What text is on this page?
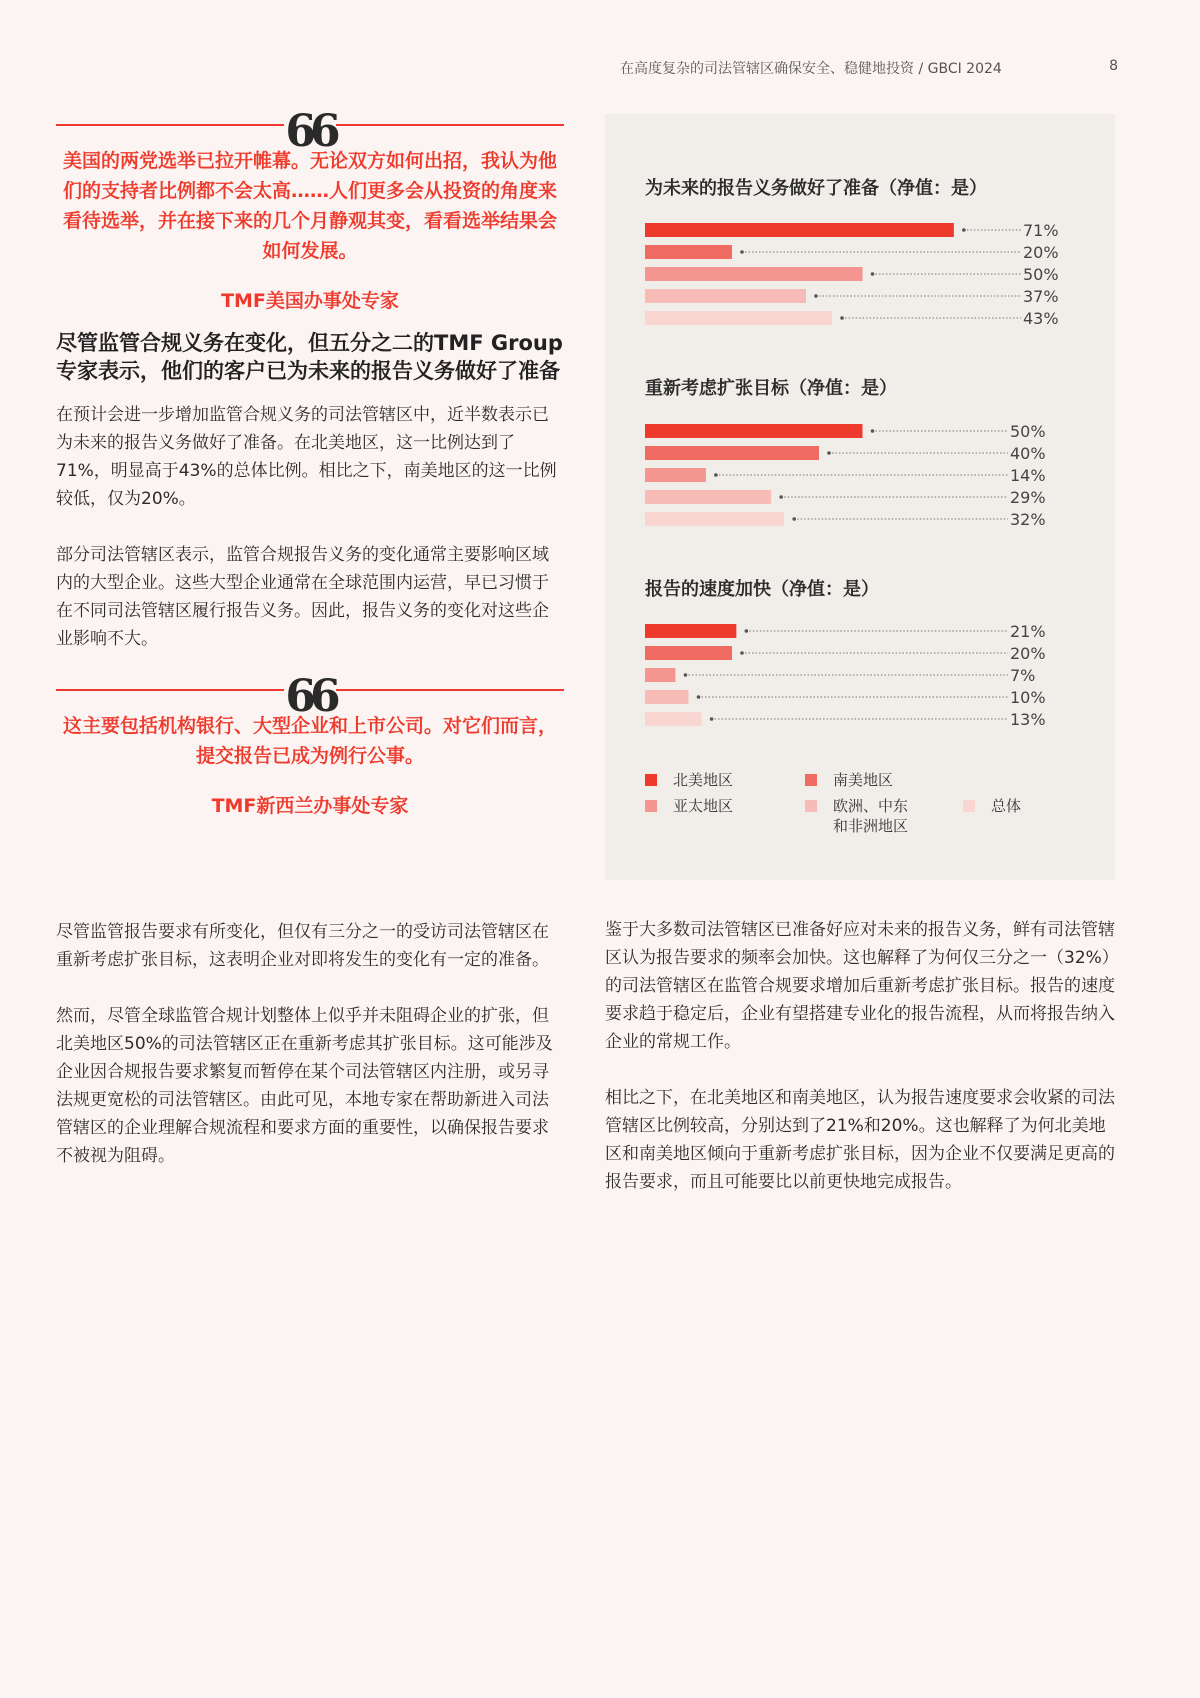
在高度复杂的司法管辖区确保安全、稳健地投资 / GBCI 2024	8
66

美国的两党选举已拉开帷幕。无论双方如何出招，我认为他们的支持者比例都不会太高……人们更多会从投资的角度来看待选举，并在接下来的几个月静观其变，看看选举结果会如何发展。

TMF美国办事处专家

尽管监管合规义务在变化，但五分之二的TMF Group专家表示，他们的客户已为未来的报告义务做好了准备

在预计会进一步增加监管合规义务的司法管辖区中，近半数表示已为未来的报告义务做好了准备。在北美地区，这一比例达到了71%，明显高于43%的总体比例。相比之下，南美地区的这一比例较低，仅为20%。

部分司法管辖区表示，监管合规报告义务的变化通常主要影响区域内的大型企业。这些大型企业通常在全球范围内运营，早已习惯于在不同司法管辖区履行报告义务。因此，报告义务的变化对这些企业影响不大。

66

这主要包括机构银行、大型企业和上市公司。对它们而言，提交报告已成为例行公事。

TMF新西兰办事处专家

尽管监管报告要求有所变化，但仅有三分之一的受访司法管辖区在重新考虑扩张目标，这表明企业对即将发生的变化有一定的准备。

然而，尽管全球监管合规计划整体上似乎并未阻碍企业的扩张，但北美地区50%的司法管辖区正在重新考虑其扩张目标。这可能涉及企业因合规报告要求繁复而暂停在某个司法管辖区内注册，或另寻法规更宽松的司法管辖区。由此可见，本地专家在帮助新进入司法管辖区的企业理解合规流程和要求方面的重要性，以确保报告要求不被视为阻碍。

为未来的报告义务做好了准备（净值：是）
71%
20%
50%
37%
43%
重新考虑扩张目标（净值：是）
50%
40%
14%
29%
32%
报告的速度加快（净值：是）
21%
20%
7%
10%
13%
北美地区	南美地区
亚太地区	欧洲、中东
和非洲地区
总体

鉴于大多数司法管辖区已准备好应对未来的报告义务，鲜有司法管辖区认为报告要求的频率会加快。这也解释了为何仅三分之一（32%）的司法管辖区在监管合规要求增加后重新考虑扩张目标。报告的速度要求趋于稳定后，企业有望搭建专业化的报告流程，从而将报告纳入企业的常规工作。

相比之下，在北美地区和南美地区，认为报告速度要求会收紧的司法管辖区比例较高，分别达到了21%和20%。这也解释了为何北美地区和南美地区倾向于重新考虑扩张目标，因为企业不仅要满足更高的报告要求，而且可能要比以前更快地完成报告。
